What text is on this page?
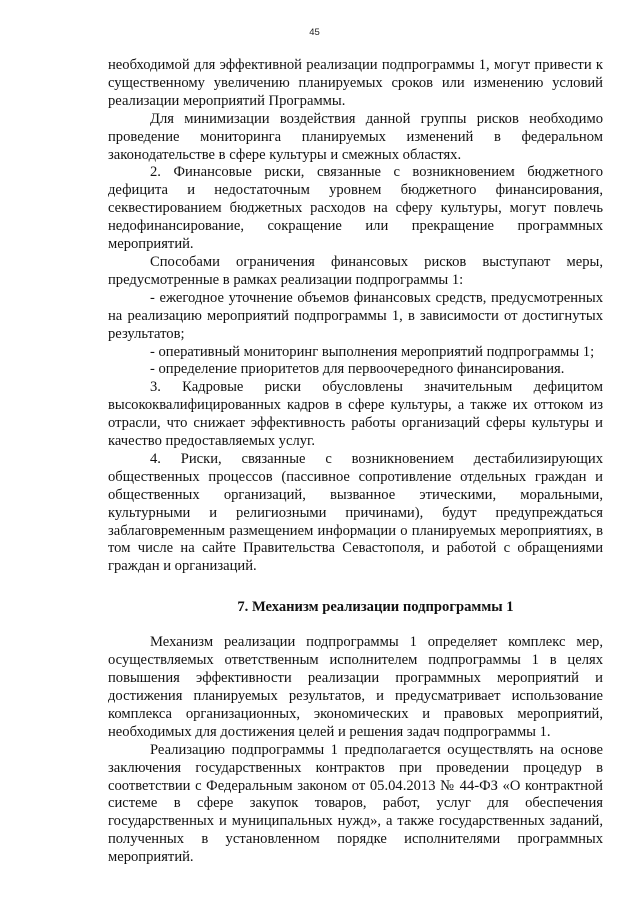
45

необходимой для эффективной реализации подпрограммы 1, могут привести к существенному увеличению планируемых сроков или изменению условий реализации мероприятий Программы.

Для минимизации воздействия данной группы рисков необходимо проведение мониторинга планируемых изменений в федеральном законодательстве в сфере культуры и смежных областях.

2. Финансовые риски, связанные с возникновением бюджетного дефицита и недостаточным уровнем бюджетного финансирования, секвестированием бюджетных расходов на сферу культуры, могут повлечь недофинансирование, сокращение или прекращение программных мероприятий.

Способами ограничения финансовых рисков выступают меры, предусмотренные в рамках реализации подпрограммы 1:

- ежегодное уточнение объемов финансовых средств, предусмотренных на реализацию мероприятий подпрограммы 1, в зависимости от достигнутых результатов;

- оперативный мониторинг выполнения мероприятий подпрограммы 1;

- определение приоритетов для первоочередного финансирования.

3. Кадровые риски обусловлены значительным дефицитом высококвалифицированных кадров в сфере культуры, а также их оттоком из отрасли, что снижает эффективность работы организаций сферы культуры и качество предоставляемых услуг.

4. Риски, связанные с возникновением дестабилизирующих общественных процессов (пассивное сопротивление отдельных граждан и общественных организаций, вызванное этическими, моральными, культурными и религиозными причинами), будут предупреждаться заблаговременным размещением информации о планируемых мероприятиях, в том числе на сайте Правительства Севастополя, и работой с обращениями граждан и организаций.

7. Механизм реализации подпрограммы 1

Механизм реализации подпрограммы 1 определяет комплекс мер, осуществляемых ответственным исполнителем подпрограммы 1 в целях повышения эффективности реализации программных мероприятий и достижения планируемых результатов, и предусматривает использование комплекса организационных, экономических и правовых мероприятий, необходимых для достижения целей и решения задач подпрограммы 1.

Реализацию подпрограммы 1 предполагается осуществлять на основе заключения государственных контрактов при проведении процедур в соответствии с Федеральным законом от 05.04.2013 № 44-ФЗ «О контрактной системе в сфере закупок товаров, работ, услуг для обеспечения государственных и муниципальных нужд», а также государственных заданий, полученных в установленном порядке исполнителями программных мероприятий.
